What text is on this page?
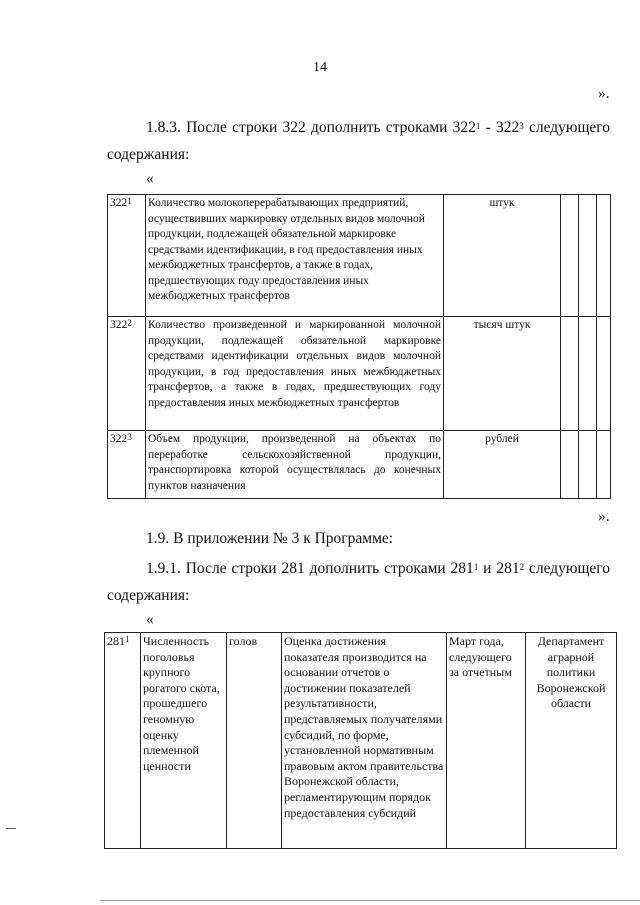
14
».
1.8.3. После строки 322 дополнить строками $322^1 - 322^3$ следующего
содержания:
«
$322^1$	Количество молокоперерабатывающих предприятий, осуществивших маркировку отдельных видов молочной продукции, подлежащей обязательной маркировке средствами идентификации, в год предоставления иных межбюджетных трансфертов, а также в годах, предшествующих году предоставления иных межбюджетных трансфертов	штук			
$322^2$	Количество произведенной и маркированной молочной продукции, подлежащей обязательной маркировке средствами идентификации отдельных видов молочной продукции, в год предоставления иных межбюджетных трансфертов, а также в годах, предшествующих году предоставления иных межбюджетных трансфертов	тысяч штук			
$322^3$	Объем продукции, произведенной на объектах по переработке сельскохозяйственной продукции, транспортировка которой осуществлялась до конечных пунктов назначения	рублей			
».
1.9. В приложении № 3 к Программе:
1.9.1. После строки 281 дополнить строками $281^1$ и $281^2$ следующего
содержания:
«
$281^1$	Численность поголовья крупного рогатого скота, прошедшего геномную оценку племенной ценности	голов	Оценка достижения показателя производится на основании отчетов о достижении показателей результативности, представляемых получателями субсидий, по форме, установленной нормативным правовым актом правительства Воронежской области, регламентирующим порядок предоставления субсидий	Март года, следующего за отчетным	Департамент аграрной политики Воронежской области
